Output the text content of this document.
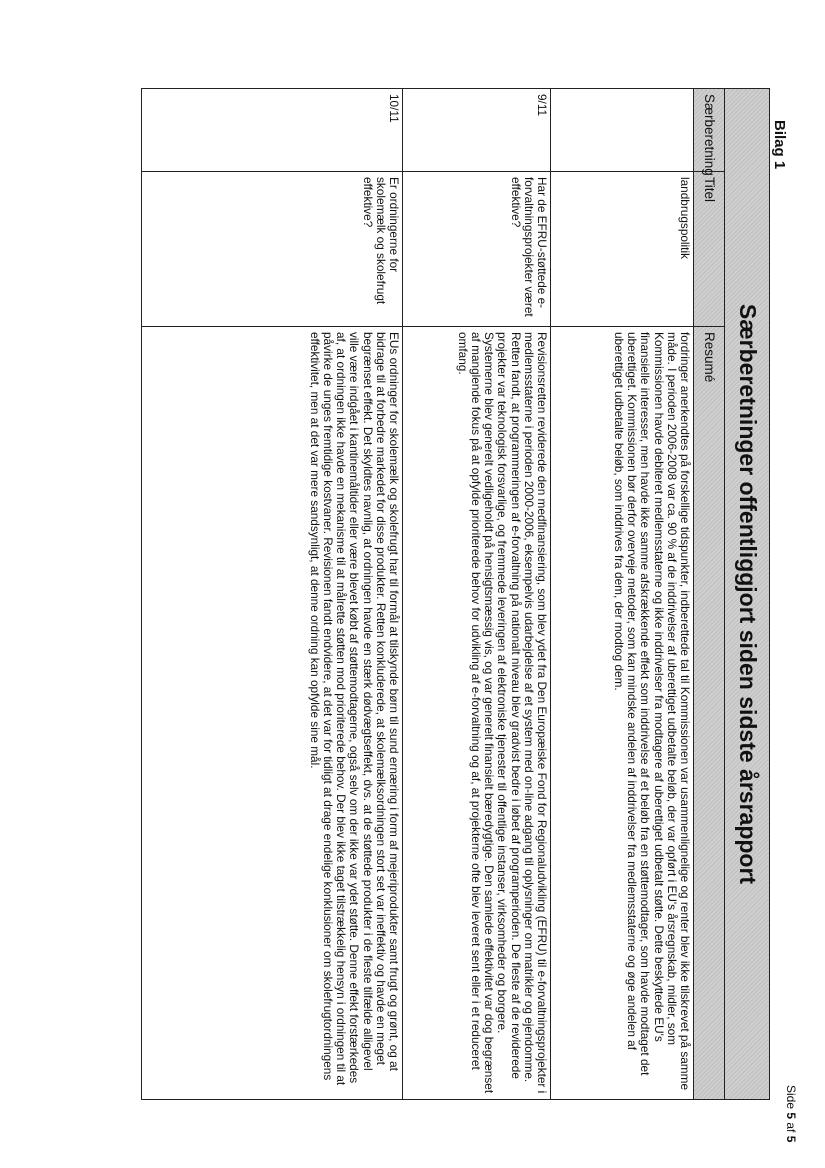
Bilag 1
Særberetninger offentliggjort siden sidste årsrapport		
Særberetning	Titel	Resumé
	landbrugspolitik	fordringer anerkendtes på forskellige tidspunkter, indberettede tal til Kommissionen var usammenlignelige og renter blev ikke tilskrevet på samme måde. I perioden 2006-2008 var ca. 90 % af de inddrivelser af uberettiget udbetalte beløb, der var opført i EU's årsregnskab, midler, som Kommissionen havde debiteret medlemsstaterne og ikke inddrivelser fra modtagere af uberettiget udbetalt støtte. Dette beskyttede EU's finansielle interesser, men havde ikke samme afskrækkende effekt som inddrivelse af et beløb fra en støttemodtager, som havde modtaget det uberettiget. Kommissionen bør derfor overveje metoder, som kan mindske andelen af inddrivelser fra medlemsstaterne og øge andelen af uberettiget udbetalte beløb, som inddrives fra dem, der modtog dem.
9/11	Har de EFRU-støttede e-forvaltningsprojekter været effektive?	Revisionsretten reviderede den medfinansiering, som blev ydet fra Den Europæiske Fond for Regionaludvikling (EFRU) til e-forvaltningsprojekter i medlemsstaterne i perioden 2000-2006, eksempelvis udarbejdelse af et system med on-line adgang til oplysninger om matrikler og ejendomme. Retten fandt, at programmeringen af e-forvaltning på nationalt niveau blev gradvist bedre i løbet af programperioden. De fleste af de reviderede projekter var teknologisk forsvarlige, og fremmede leveringen af elektroniske tjenester til offentlige instanser, virksomheder og borgere. Systemerne blev generelt vedligeholdt på hensigtsmæssig vis, og var generelt finansielt bæredygtige. Den samlede effektivitet var dog begrænset af manglende fokus på at opfylde prioriterede behov for udvikling af e-forvaltning og af, at projekterne ofte blev leveret sent eller i et reduceret omfang.
10/11	Er ordningerne for skolemælk og skolefrugt effektive?	EUs ordninger for skolemælk og skolefrugt har til formål at tilskynde børn til sund ernæring i form af mejeriprodukter samt frugt og grønt, og at bidrage til at forbedre markedet for disse produkter. Retten konkluderede, at skolemælksordningen stort set var ineffektiv og havde en meget begrænset effekt. Det skyldtes navnlig, at ordningen havde en stærk dødvægtseffekt, dvs. at de støttede produkter i de fleste tilfælde alligevel ville være indgået i kantinemåltider eller være blevet købt af støttemodtagerne, også selv om der ikke var ydet støtte. Denne effekt forstærkedes af, at ordningen ikke havde en mekanisme til at målrette støtten mod prioriterede behov. Der blev ikke taget tilstrækkelig hensyn i ordningen til at påvirke de unges fremtidige kostvaner. Revisionen fandt endvidere, at det var for tidligt at drage endelige konklusioner om skolefrugtordningens effektivitet, men at det var mere sandsynligt, at denne ordning kan opfylde sine mål.
Side 5 af 5
